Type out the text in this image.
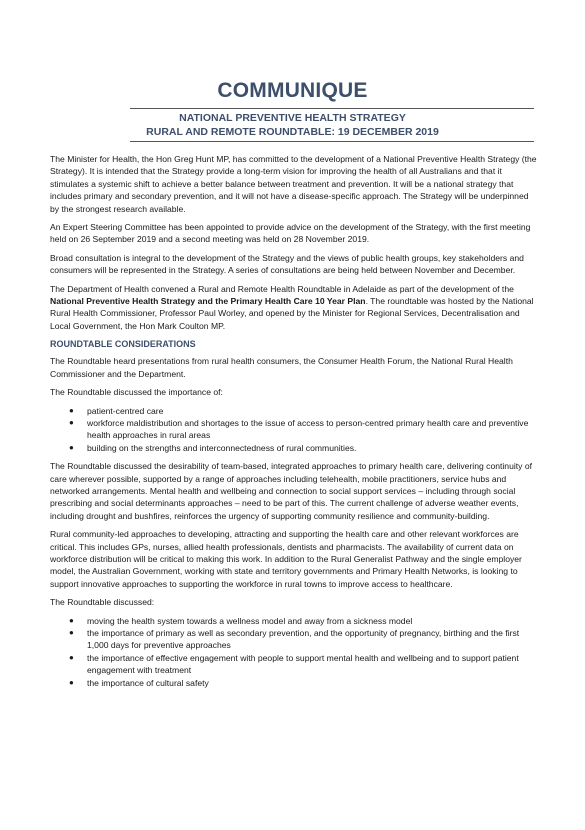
COMMUNIQUE
NATIONAL PREVENTIVE HEALTH STRATEGY
RURAL AND REMOTE ROUNDTABLE: 19 DECEMBER 2019

The Minister for Health, the Hon Greg Hunt MP, has committed to the development of a National Preventive Health Strategy (the Strategy). It is intended that the Strategy provide a long-term vision for improving the health of all Australians and that it stimulates a systemic shift to achieve a better balance between treatment and prevention. It will be a national strategy that includes primary and secondary prevention, and it will not have a disease-specific approach. The Strategy will be underpinned by the strongest research available.

An Expert Steering Committee has been appointed to provide advice on the development of the Strategy, with the first meeting held on 26 September 2019 and a second meeting was held on 28 November 2019.

Broad consultation is integral to the development of the Strategy and the views of public health groups, key stakeholders and consumers will be represented in the Strategy. A series of consultations are being held between November and December.

The Department of Health convened a Rural and Remote Health Roundtable in Adelaide as part of the development of the National Preventive Health Strategy and the Primary Health Care 10 Year Plan. The roundtable was hosted by the National Rural Health Commissioner, Professor Paul Worley, and opened by the Minister for Regional Services, Decentralisation and Local Government, the Hon Mark Coulton MP.

ROUNDTABLE CONSIDERATIONS

The Roundtable heard presentations from rural health consumers, the Consumer Health Forum, the National Rural Health Commissioner and the Department.

The Roundtable discussed the importance of:

● patient-centred care
● workforce maldistribution and shortages to the issue of access to person-centred primary health care and preventive health approaches in rural areas
● building on the strengths and interconnectedness of rural communities.

The Roundtable discussed the desirability of team-based, integrated approaches to primary health care, delivering continuity of care wherever possible, supported by a range of approaches including telehealth, mobile practitioners, service hubs and networked arrangements. Mental health and wellbeing and connection to social support services – including through social prescribing and social determinants approaches – need to be part of this. The current challenge of adverse weather events, including drought and bushfires, reinforces the urgency of supporting community resilience and community-building.

Rural community-led approaches to developing, attracting and supporting the health care and other relevant workforces are critical. This includes GPs, nurses, allied health professionals, dentists and pharmacists. The availability of current data on workforce distribution will be critical to making this work. In addition to the Rural Generalist Pathway and the single employer model, the Australian Government, working with state and territory governments and Primary Health Networks, is looking to support innovative approaches to supporting the workforce in rural towns to improve access to healthcare.

The Roundtable discussed:

● moving the health system towards a wellness model and away from a sickness model
● the importance of primary as well as secondary prevention, and the opportunity of pregnancy, birthing and the first 1,000 days for preventive approaches
● the importance of effective engagement with people to support mental health and wellbeing and to support patient engagement with treatment
● the importance of cultural safety
